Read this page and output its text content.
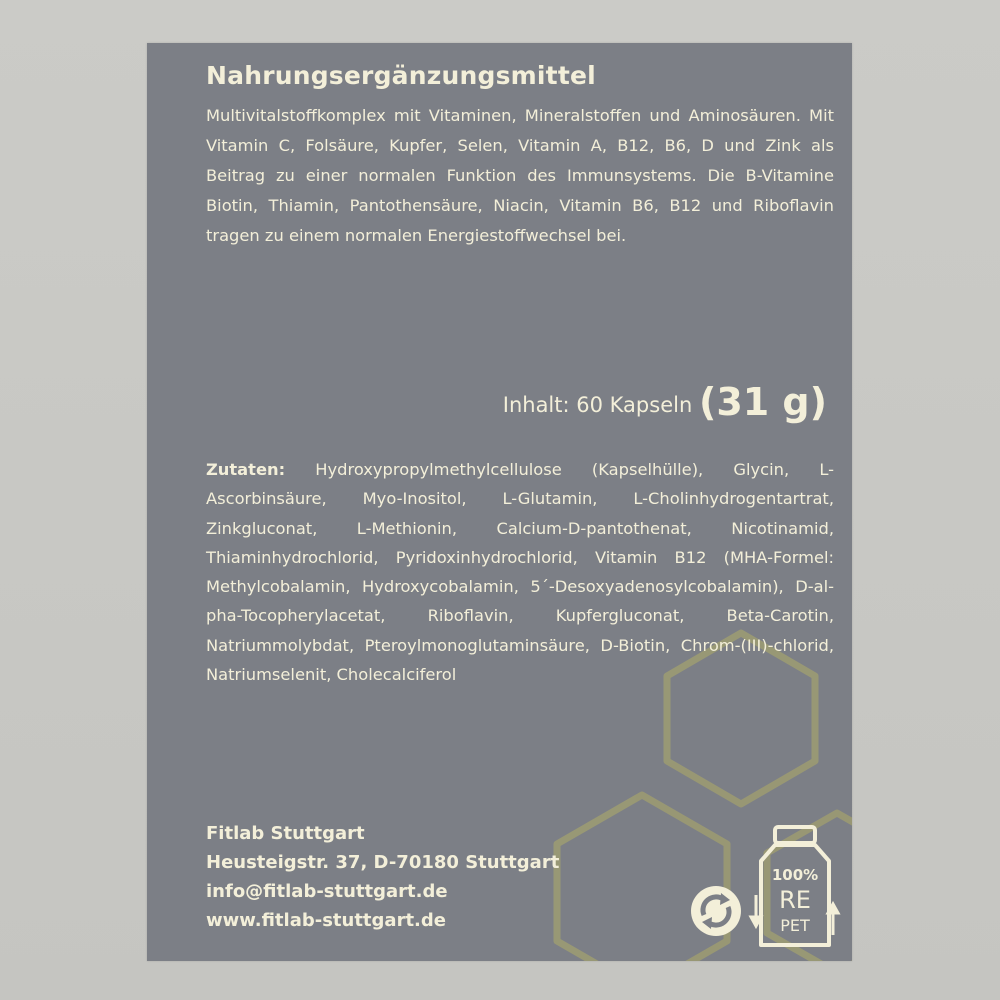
Nahrungsergänzungsmittel

Multivitalstoffkomplex mit Vitaminen, Mineralstoffen und Aminosäuren. Mit Vitamin C, Folsäure, Kupfer, Selen, Vitamin A, B12, B6, D und Zink als Beitrag zu einer normalen Funktion des Immunsystems. Die B-Vitamine Biotin, Thiamin, Pantothensäure, Niacin, Vitamin B6, B12 und Riboflavin tragen zu einem normalen Energiestoffwechsel bei.

Inhalt: 60 Kapseln (31 g)

Zutaten: Hydroxypropylmethylcellulose (Kapselhülle), Glycin, L-Ascorbinsäure, Myo-Inositol, L-Glutamin, L-Cholinhydrogentartrat, Zinkgluconat, L-Methionin, Calcium-D-pantothenat, Nicotinamid, Thiaminhydrochlorid, Pyridoxinhydrochlorid, Vitamin B12 (MHA-Formel: Methylcobalamin, Hydroxycobalamin, 5´-Desoxyadenosylcobalamin), D-alpha-Tocopherylacetat, Riboflavin, Kupfergluconat, Beta-Carotin, Natriummolybdat, Pteroylmonoglutaminsäure, D-Biotin, Chrom-(III)-chlorid, Natriumselenit, Cholecalciferol

Fitlab Stuttgart
Heusteigstr. 37, D-70180 Stuttgart
info@fitlab-stuttgart.de
www.fitlab-stuttgart.de
100%
RE
PET
